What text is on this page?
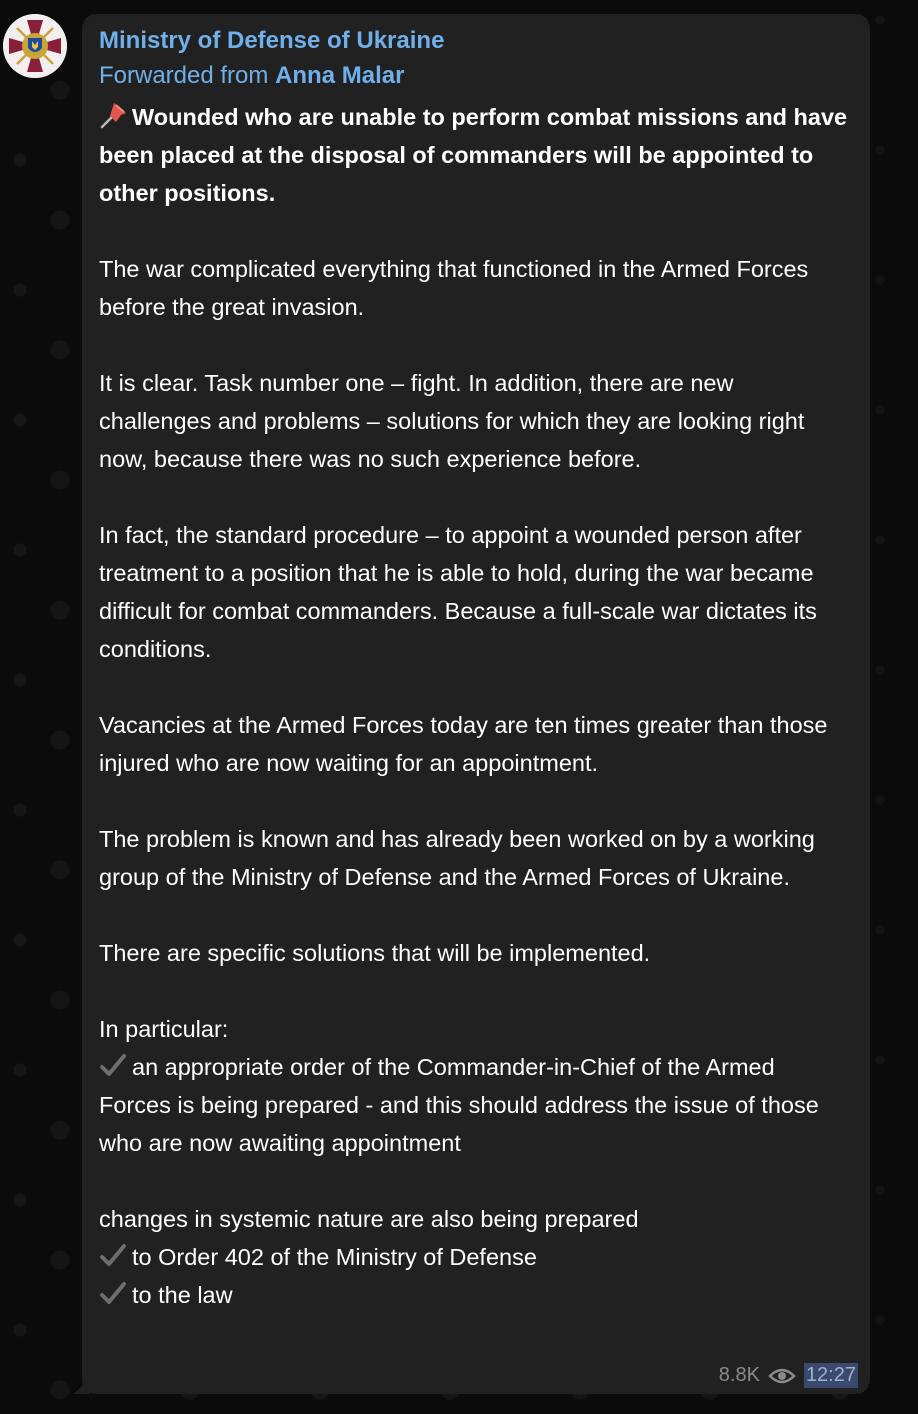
Ministry of Defense of Ukraine

Forwarded from Anna Malar

Wounded who are unable to perform combat missions and have been placed at the disposal of commanders will be appointed to other positions.

The war complicated everything that functioned in the Armed Forces before the great invasion.

It is clear. Task number one – fight. In addition, there are new challenges and problems – solutions for which they are looking right now, because there was no such experience before.

In fact, the standard procedure – to appoint a wounded person after treatment to a position that he is able to hold, during the war became difficult for combat commanders. Because a full-scale war dictates its conditions.

Vacancies at the Armed Forces today are ten times greater than those injured who are now waiting for an appointment.

The problem is known and has already been worked on by a working group of the Ministry of Defense and the Armed Forces of Ukraine.

There are specific solutions that will be implemented.

In particular:

an appropriate order of the Commander-in-Chief of the Armed Forces is being prepared - and this should address the issue of those who are now awaiting appointment

changes in systemic nature are also being prepared

to Order 402 of the Ministry of Defense

to the law

8.8K 12:27
